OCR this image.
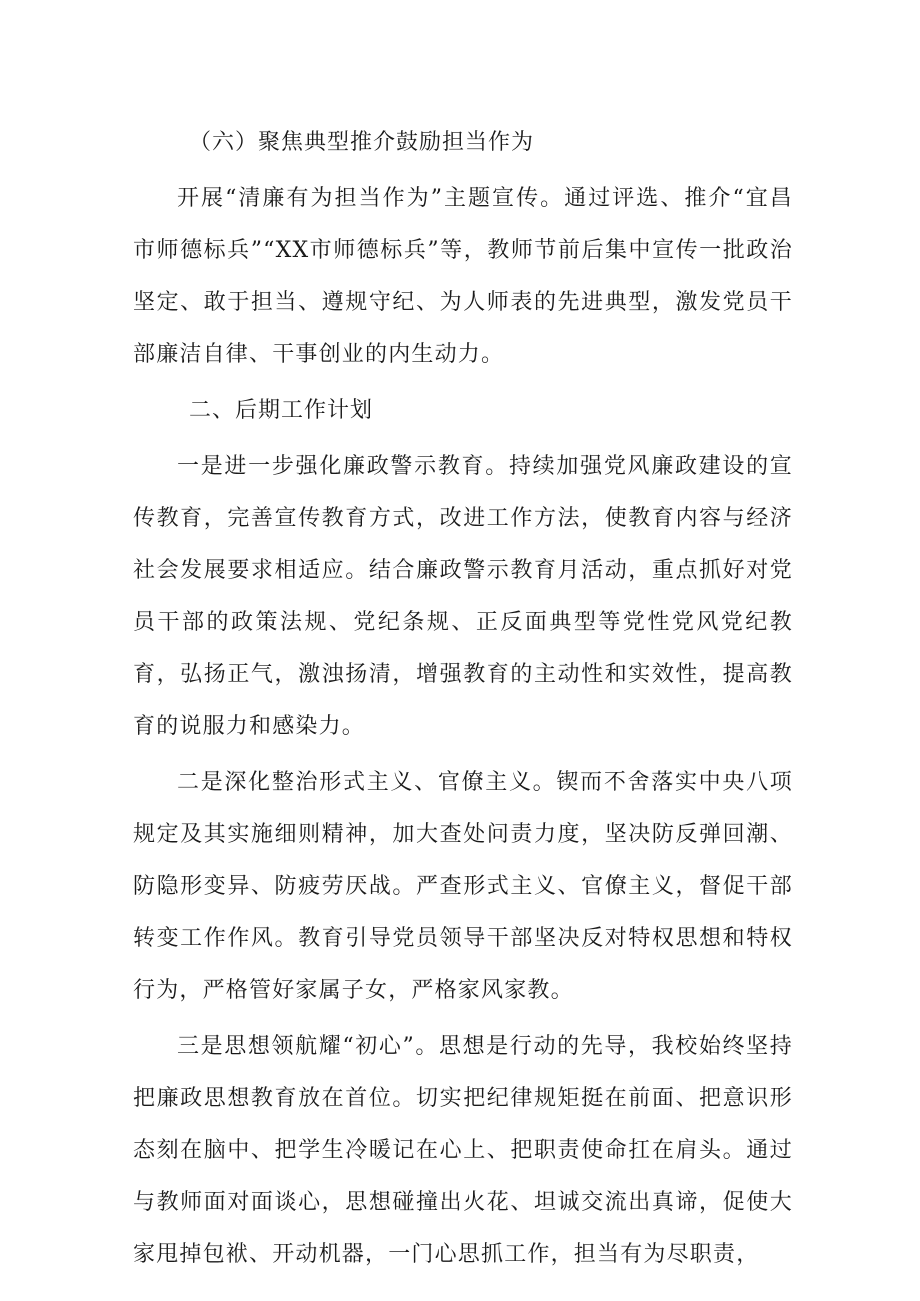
（六）聚焦典型推介鼓励担当作为

开展“清廉有为担当作为”主题宣传。通过评选、推介“宜昌市师德标兵”“XX市师德标兵”等，教师节前后集中宣传一批政治坚定、敢于担当、遵规守纪、为人师表的先进典型，激发党员干部廉洁自律、干事创业的内生动力。

二、后期工作计划

一是进一步强化廉政警示教育。持续加强党风廉政建设的宣传教育，完善宣传教育方式，改进工作方法，使教育内容与经济社会发展要求相适应。结合廉政警示教育月活动，重点抓好对党员干部的政策法规、党纪条规、正反面典型等党性党风党纪教育，弘扬正气，激浊扬清，增强教育的主动性和实效性，提高教育的说服力和感染力。

二是深化整治形式主义、官僚主义。锲而不舍落实中央八项规定及其实施细则精神，加大查处问责力度，坚决防反弹回潮、防隐形变异、防疲劳厌战。严查形式主义、官僚主义，督促干部转变工作作风。教育引导党员领导干部坚决反对特权思想和特权行为，严格管好家属子女，严格家风家教。

三是思想领航耀“初心”。思想是行动的先导，我校始终坚持把廉政思想教育放在首位。切实把纪律规矩挺在前面、把意识形态刻在脑中、把学生冷暖记在心上、把职责使命扛在肩头。通过与教师面对面谈心，思想碰撞出火花、坦诚交流出真谛，促使大家甩掉包袱、开动机器，一门心思抓工作，担当有为尽职责，
